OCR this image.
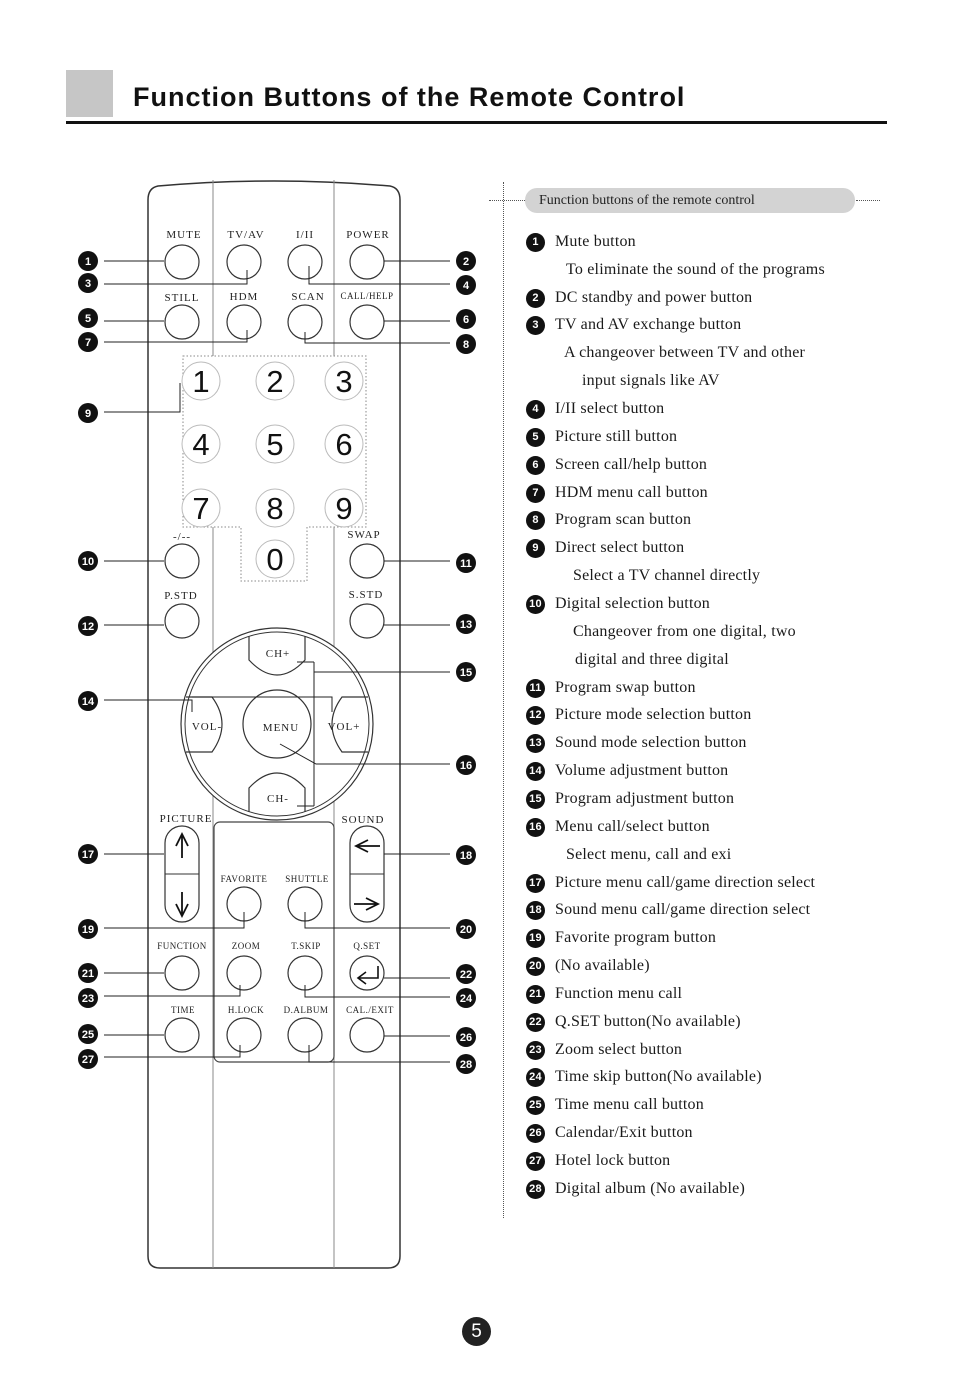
Function Buttons of the Remote Control
MUTE TV/AV	I/II	POWER
STILL	HDM	SCAN CALL/HELP
-/--	SWAP
P.STD	S.STD
1 2 3
4 5 6
7 8 9
0
CH+
CH-
VOL-	VOL+
MENU
PICTURE	SOUND
FAVORITE SHUTTLE
FUNCTION	ZOOM	T.SKIP	Q.SET
TIME	H.LOCK D.ALBUM CAL./EXIT
1	2
3	4
5	6
7	8
9
10	11
12	13
14
15
16
17	18
19	20
21	22
23	24
25	26
27	28
Function buttons of the remote control
1 Mute button
To eliminate the sound of the programs
2 DC standby and power button
3 TV and AV exchange button
A changeover between TV and other
input signals like AV
4 I/II select button
5 Picture still button
6 Screen call/help button
7 HDM menu call button
8 Program scan button
9 Direct select button
Select a TV channel directly
10 Digital selection button
Changeover from one digital, two
digital and three digital
11 Program swap button
12 Picture mode selection button
13 Sound mode selection button
14 Volume adjustment button
15 Program adjustment button
16 Menu call/select button
Select menu, call and exi
17 Picture menu call/game direction select
18 Sound menu call/game direction select
19 Favorite program button
20 (No available)
21 Function menu call
22 Q.SET button(No available)
23 Zoom select button
24 Time skip button(No available)
25 Time menu call button
26 Calendar/Exit button
27 Hotel lock button
28 Digital album (No available)
5
